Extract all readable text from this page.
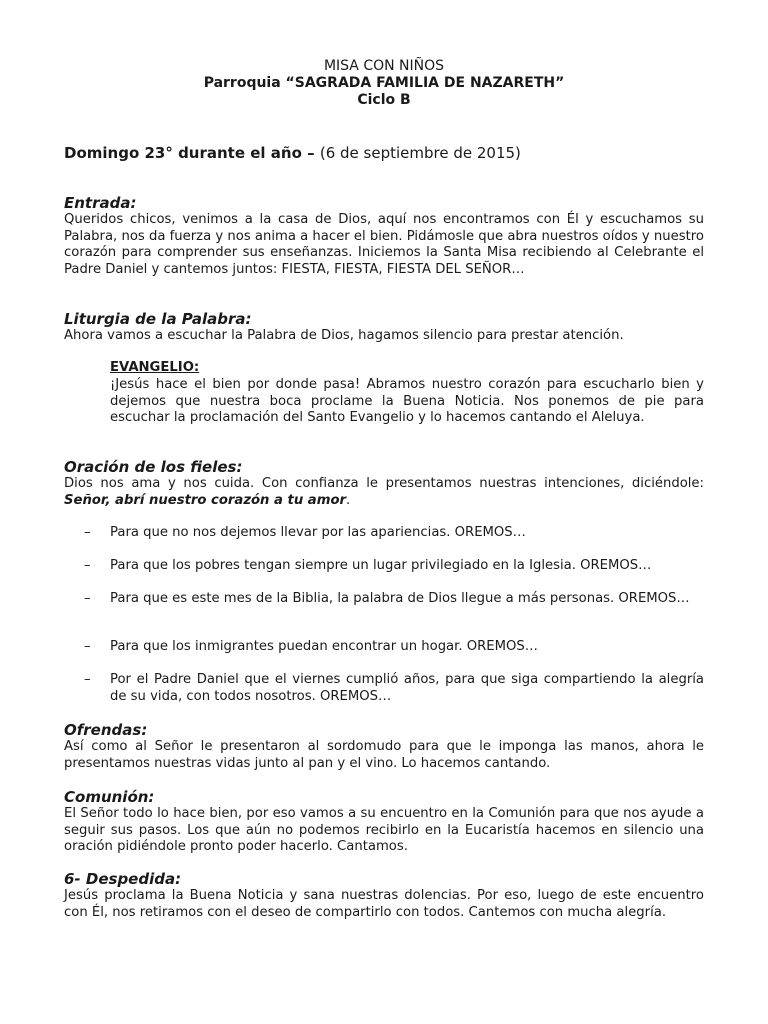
MISA CON NIÑOS
Parroquia “SAGRADA FAMILIA DE NAZARETH”
Ciclo B
Domingo 23° durante el año – (6 de septiembre de 2015)
Entrada:
Queridos chicos, venimos a la casa de Dios, aquí nos encontramos con Él y escuchamos su Palabra, nos da fuerza y nos anima a hacer el bien. Pidámosle que abra nuestros oídos y nuestro corazón para comprender sus enseñanzas. Iniciemos la Santa Misa recibiendo al Celebrante el Padre Daniel y cantemos juntos: FIESTA, FIESTA, FIESTA DEL SEÑOR…
Liturgia de la Palabra:
Ahora vamos a escuchar la Palabra de Dios, hagamos silencio para prestar atención.
EVANGELIO:
¡Jesús hace el bien por donde pasa! Abramos nuestro corazón para escucharlo bien y dejemos que nuestra boca proclame la Buena Noticia. Nos ponemos de pie para escuchar la proclamación del Santo Evangelio y lo hacemos cantando el Aleluya.
Oración de los fieles:
Dios nos ama y nos cuida. Con confianza le presentamos nuestras intenciones, diciéndole: Señor, abrí nuestro corazón a tu amor.
– Para que no nos dejemos llevar por las apariencias. OREMOS…
– Para que los pobres tengan siempre un lugar privilegiado en la Iglesia. OREMOS…
– Para que es este mes de la Biblia, la palabra de Dios llegue a más personas. OREMOS…
– Para que los inmigrantes puedan encontrar un hogar. OREMOS…
– Por el Padre Daniel que el viernes cumplió años, para que siga compartiendo la alegría de su vida, con todos nosotros. OREMOS…
Ofrendas:
Así como al Señor le presentaron al sordomudo para que le imponga las manos, ahora le presentamos nuestras vidas junto al pan y el vino. Lo hacemos cantando.
Comunión:
El Señor todo lo hace bien, por eso vamos a su encuentro en la Comunión para que nos ayude a seguir sus pasos. Los que aún no podemos recibirlo en la Eucaristía hacemos en silencio una oración pidiéndole pronto poder hacerlo. Cantamos.
6- Despedida:
Jesús proclama la Buena Noticia y sana nuestras dolencias. Por eso, luego de este encuentro con Él, nos retiramos con el deseo de compartirlo con todos. Cantemos con mucha alegría.
